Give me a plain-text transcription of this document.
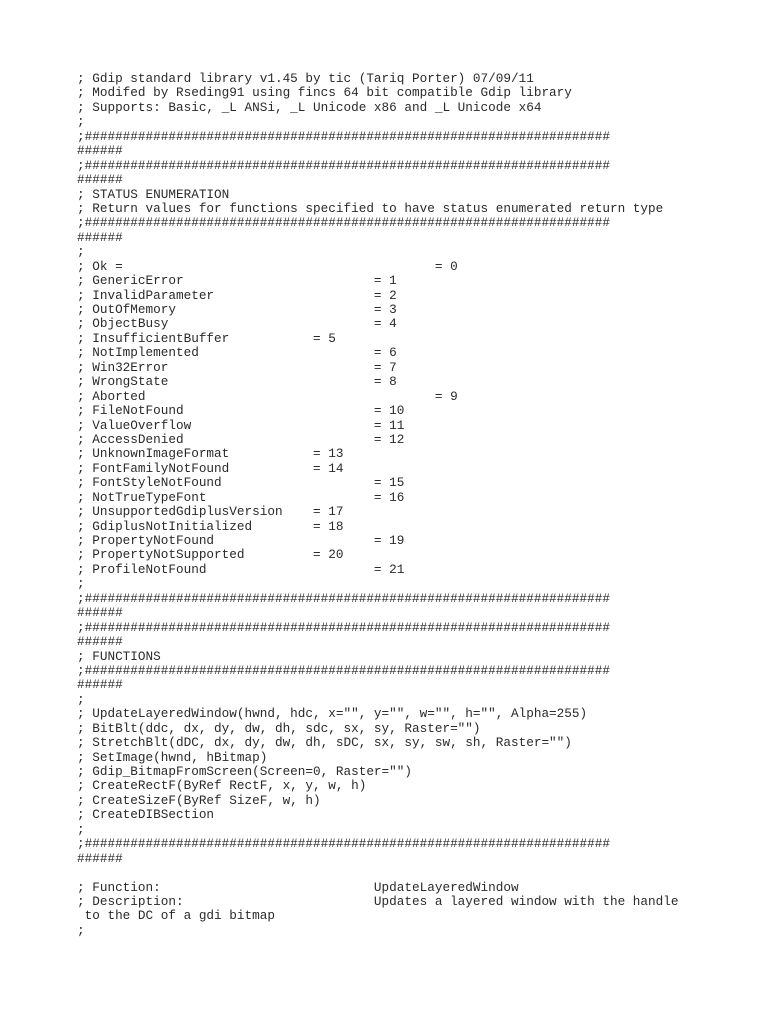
; Gdip standard library v1.45 by tic (Tariq Porter) 07/09/11
; Modifed by Rseding91 using fincs 64 bit compatible Gdip library
; Supports: Basic, _L ANSi, _L Unicode x86 and _L Unicode x64
;
;#####################################################################
######
;#####################################################################
######
; STATUS ENUMERATION
; Return values for functions specified to have status enumerated return type
;#####################################################################
######
;
; Ok =                                         = 0
; GenericError                         = 1
; InvalidParameter                     = 2
; OutOfMemory                          = 3
; ObjectBusy                           = 4
; InsufficientBuffer           = 5
; NotImplemented                       = 6
; Win32Error                           = 7
; WrongState                           = 8
; Aborted                                      = 9
; FileNotFound                         = 10
; ValueOverflow                        = 11
; AccessDenied                         = 12
; UnknownImageFormat           = 13
; FontFamilyNotFound           = 14
; FontStyleNotFound                    = 15
; NotTrueTypeFont                      = 16
; UnsupportedGdiplusVersion    = 17
; GdiplusNotInitialized        = 18
; PropertyNotFound                     = 19
; PropertyNotSupported         = 20
; ProfileNotFound                      = 21
;
;#####################################################################
######
;#####################################################################
######
; FUNCTIONS
;#####################################################################
######
;
; UpdateLayeredWindow(hwnd, hdc, x="", y="", w="", h="", Alpha=255)
; BitBlt(ddc, dx, dy, dw, dh, sdc, sx, sy, Raster="")
; StretchBlt(dDC, dx, dy, dw, dh, sDC, sx, sy, sw, sh, Raster="")
; SetImage(hwnd, hBitmap)
; Gdip_BitmapFromScreen(Screen=0, Raster="")
; CreateRectF(ByRef RectF, x, y, w, h)
; CreateSizeF(ByRef SizeF, w, h)
; CreateDIBSection
;
;#####################################################################
######
; Function:                            UpdateLayeredWindow
; Description:                         Updates a layered window with the handle
to the DC of a gdi bitmap
;
